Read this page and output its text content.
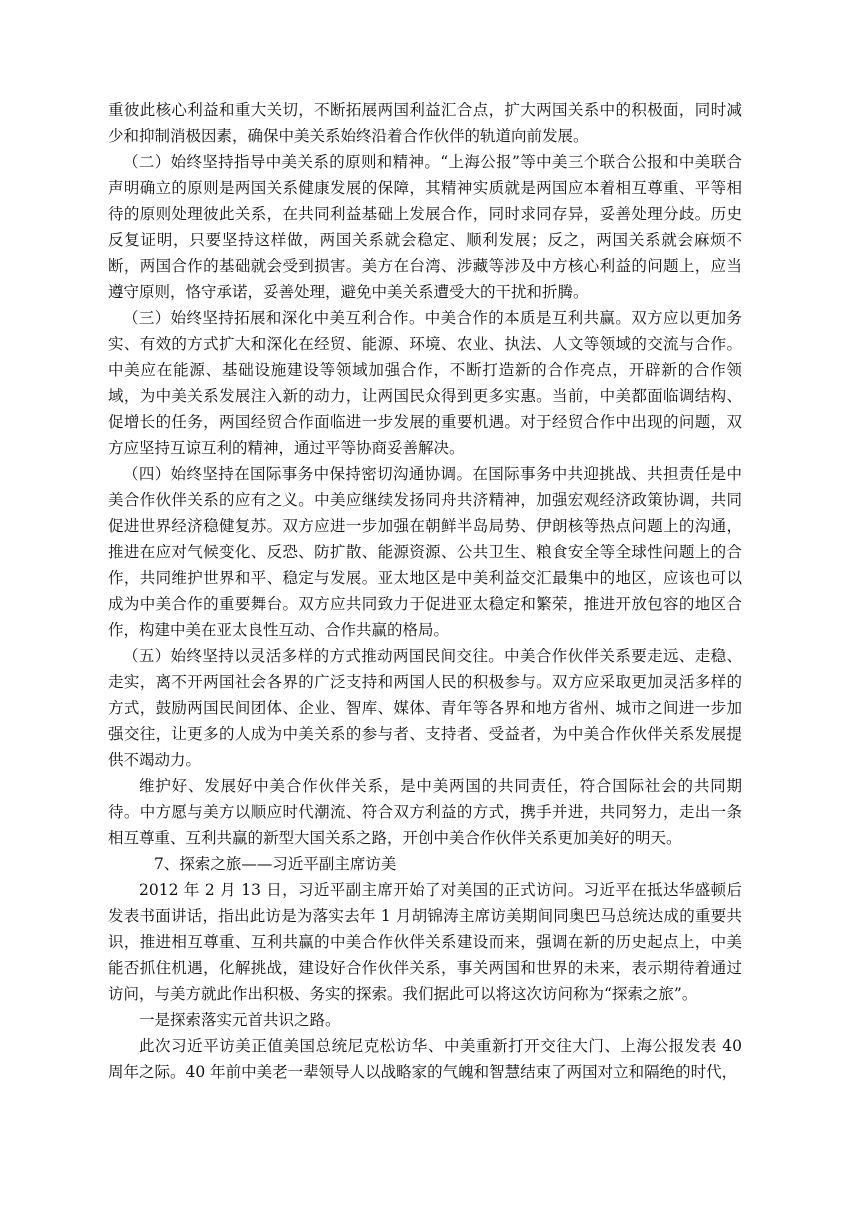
重彼此核心利益和重大关切，不断拓展两国利益汇合点，扩大两国关系中的积极面，同时减少和抑制消极因素，确保中美关系始终沿着合作伙伴的轨道向前发展。

（二）始终坚持指导中美关系的原则和精神。“上海公报”等中美三个联合公报和中美联合声明确立的原则是两国关系健康发展的保障，其精神实质就是两国应本着相互尊重、平等相待的原则处理彼此关系，在共同利益基础上发展合作，同时求同存异，妥善处理分歧。历史反复证明，只要坚持这样做，两国关系就会稳定、顺利发展；反之，两国关系就会麻烦不断，两国合作的基础就会受到损害。美方在台湾、涉藏等涉及中方核心利益的问题上，应当遵守原则，恪守承诺，妥善处理，避免中美关系遭受大的干扰和折腾。

（三）始终坚持拓展和深化中美互利合作。中美合作的本质是互利共赢。双方应以更加务实、有效的方式扩大和深化在经贸、能源、环境、农业、执法、人文等领域的交流与合作。中美应在能源、基础设施建设等领域加强合作，不断打造新的合作亮点，开辟新的合作领域，为中美关系发展注入新的动力，让两国民众得到更多实惠。当前，中美都面临调结构、促增长的任务，两国经贸合作面临进一步发展的重要机遇。对于经贸合作中出现的问题，双方应坚持互谅互利的精神，通过平等协商妥善解决。

（四）始终坚持在国际事务中保持密切沟通协调。在国际事务中共迎挑战、共担责任是中美合作伙伴关系的应有之义。中美应继续发扬同舟共济精神，加强宏观经济政策协调，共同促进世界经济稳健复苏。双方应进一步加强在朝鲜半岛局势、伊朗核等热点问题上的沟通，推进在应对气候变化、反恐、防扩散、能源资源、公共卫生、粮食安全等全球性问题上的合作，共同维护世界和平、稳定与发展。亚太地区是中美利益交汇最集中的地区，应该也可以成为中美合作的重要舞台。双方应共同致力于促进亚太稳定和繁荣，推进开放包容的地区合作，构建中美在亚太良性互动、合作共赢的格局。

（五）始终坚持以灵活多样的方式推动两国民间交往。中美合作伙伴关系要走远、走稳、走实，离不开两国社会各界的广泛支持和两国人民的积极参与。双方应采取更加灵活多样的方式，鼓励两国民间团体、企业、智库、媒体、青年等各界和地方省州、城市之间进一步加强交往，让更多的人成为中美关系的参与者、支持者、受益者，为中美合作伙伴关系发展提供不竭动力。

维护好、发展好中美合作伙伴关系，是中美两国的共同责任，符合国际社会的共同期待。中方愿与美方以顺应时代潮流、符合双方利益的方式，携手并进，共同努力，走出一条相互尊重、互利共赢的新型大国关系之路，开创中美合作伙伴关系更加美好的明天。

7、探索之旅——习近平副主席访美

2012 年 2 月 13 日，习近平副主席开始了对美国的正式访问。习近平在抵达华盛顿后发表书面讲话，指出此访是为落实去年 1 月胡锦涛主席访美期间同奥巴马总统达成的重要共识，推进相互尊重、互利共赢的中美合作伙伴关系建设而来，强调在新的历史起点上，中美能否抓住机遇，化解挑战，建设好合作伙伴关系，事关两国和世界的未来，表示期待着通过访问，与美方就此作出积极、务实的探索。我们据此可以将这次访问称为“探索之旅”。

一是探索落实元首共识之路。

此次习近平访美正值美国总统尼克松访华、中美重新打开交往大门、上海公报发表 40 周年之际。40 年前中美老一辈领导人以战略家的气魄和智慧结束了两国对立和隔绝的时代，
